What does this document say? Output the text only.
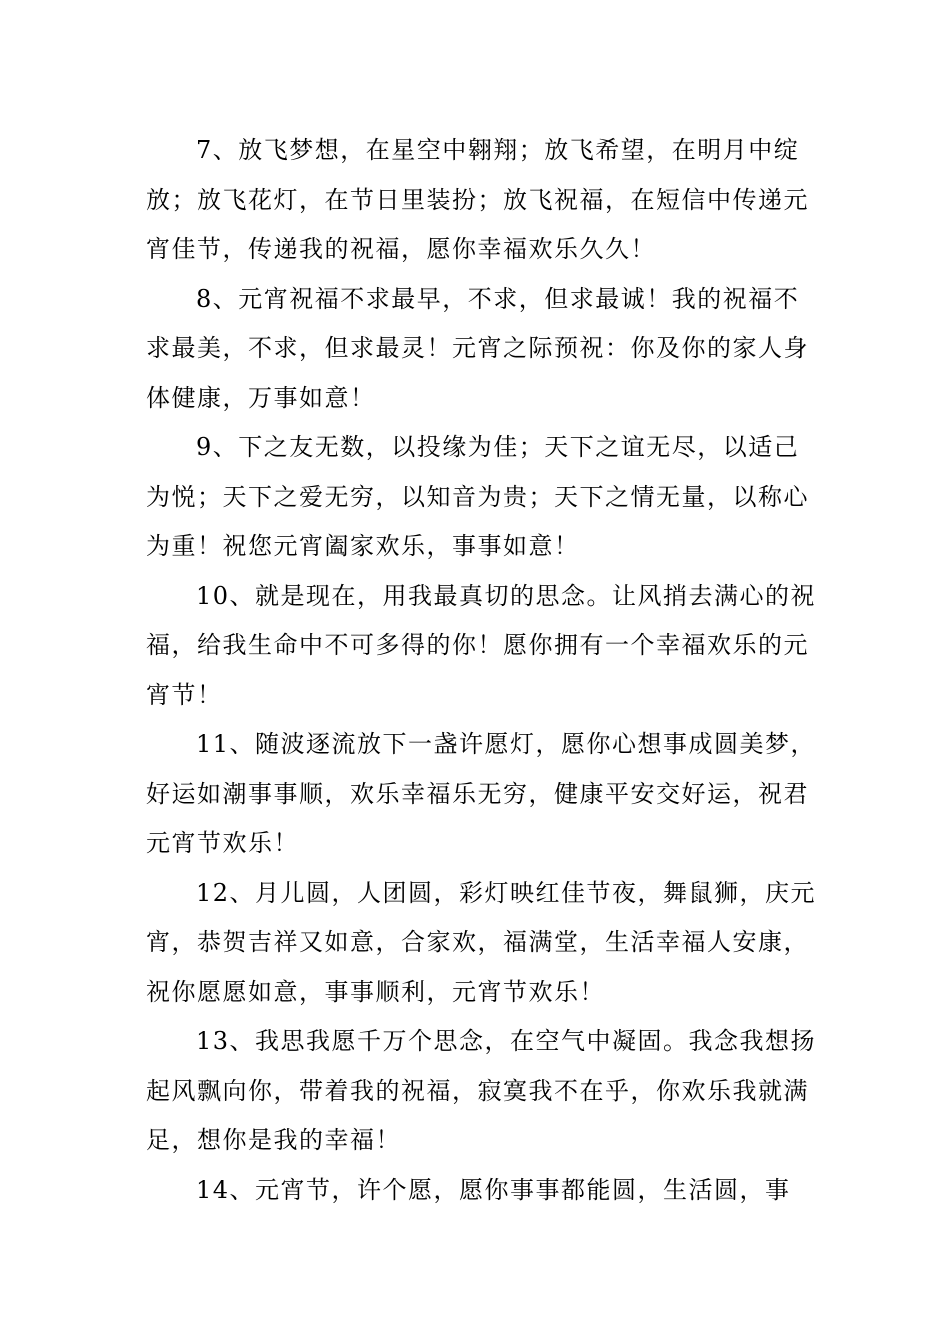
7、放飞梦想，在星空中翱翔；放飞希望，在明月中绽放；放飞花灯，在节日里装扮；放飞祝福，在短信中传递元宵佳节，传递我的祝福，愿你幸福欢乐久久！

8、元宵祝福不求最早，不求，但求最诚！我的祝福不求最美，不求，但求最灵！元宵之际预祝：你及你的家人身体健康，万事如意！

9、下之友无数，以投缘为佳；天下之谊无尽，以适己为悦；天下之爱无穷，以知音为贵；天下之情无量，以称心为重！祝您元宵阖家欢乐，事事如意！

10、就是现在，用我最真切的思念。让风捎去满心的祝福，给我生命中不可多得的你！愿你拥有一个幸福欢乐的元宵节！

11、随波逐流放下一盏许愿灯，愿你心想事成圆美梦，好运如潮事事顺，欢乐幸福乐无穷，健康平安交好运，祝君元宵节欢乐！

12、月儿圆，人团圆，彩灯映红佳节夜，舞鼠狮，庆元宵，恭贺吉祥又如意，合家欢，福满堂，生活幸福人安康，祝你愿愿如意，事事顺利，元宵节欢乐！

13、我思我愿千万个思念，在空气中凝固。我念我想扬起风飘向你，带着我的祝福，寂寞我不在乎，你欢乐我就满足，想你是我的幸福！

14、元宵节，许个愿，愿你事事都能圆，生活圆，事
